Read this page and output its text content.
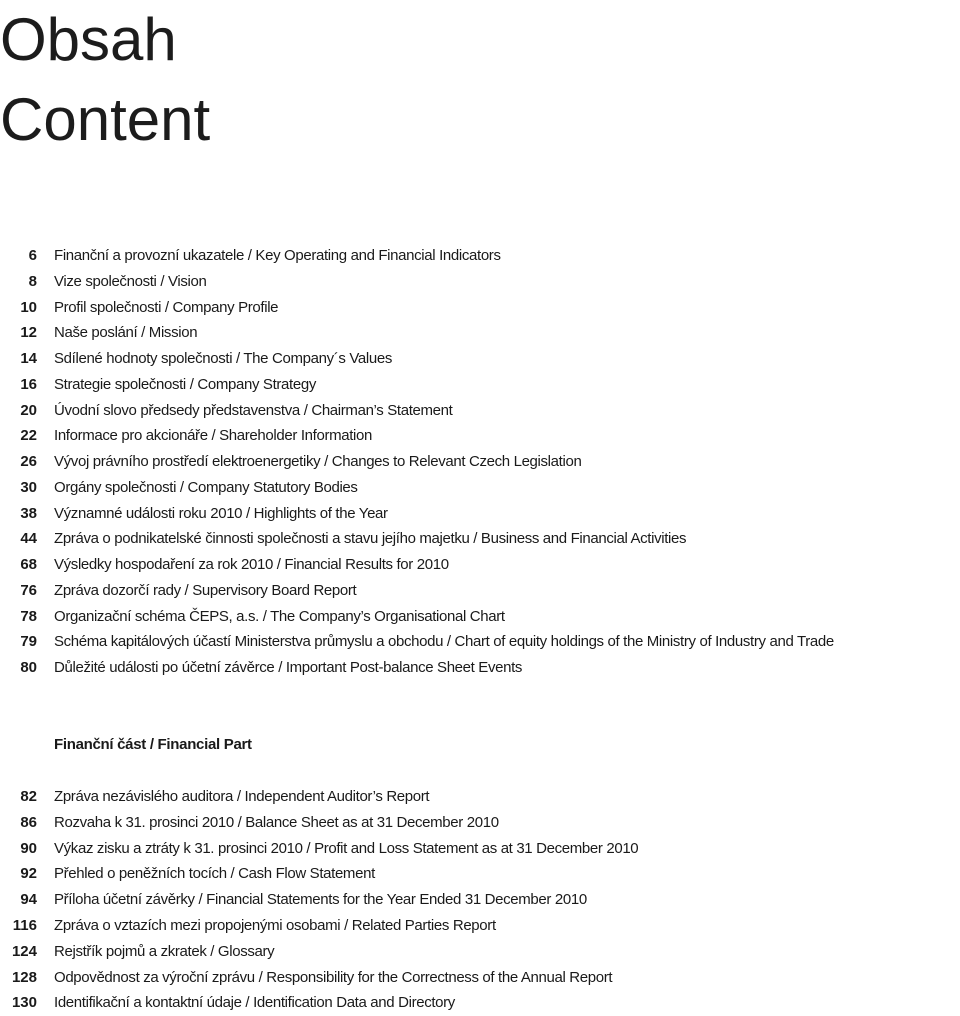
Obsah
Content
6 Finanční a provozní ukazatele / Key Operating and Financial Indicators
8 Vize společnosti / Vision
10 Profil společnosti / Company Profile
12 Naše poslání / Mission
14 Sdílené hodnoty společnosti / The Company´s Values
16 Strategie společnosti / Company Strategy
20 Úvodní slovo předsedy představenstva / Chairman’s Statement
22 Informace pro akcionáře / Shareholder Information
26 Vývoj právního prostředí elektroenergetiky / Changes to Relevant Czech Legislation
30 Orgány společnosti / Company Statutory Bodies
38 Významné události roku 2010 / Highlights of the Year
44 Zpráva o podnikatelské činnosti společnosti a stavu jejího majetku / Business and Financial Activities
68 Výsledky hospodaření za rok 2010 / Financial Results for 2010
76 Zpráva dozorčí rady / Supervisory Board Report
78 Organizační schéma ČEPS, a.s. / The Company’s Organisational Chart
79 Schéma kapitálových účastí Ministerstva průmyslu a obchodu / Chart of equity holdings of the Ministry of Industry and Trade
80 Důležité události po účetní závěrce / Important Post-balance Sheet Events
Finanční část / Financial Part
82 Zpráva nezávislého auditora / Independent Auditor’s Report
86 Rozvaha k 31. prosinci 2010 / Balance Sheet as at 31 December 2010
90 Výkaz zisku a ztráty k 31. prosinci 2010 / Profit and Loss Statement as at 31 December 2010
92 Přehled o peněžních tocích / Cash Flow Statement
94 Příloha účetní závěrky / Financial Statements for the Year Ended 31 December 2010
116 Zpráva o vztazích mezi propojenými osobami / Related Parties Report
124 Rejstřík pojmů a zkratek / Glossary
128 Odpovědnost za výroční zprávu / Responsibility for the Correctness of the Annual Report
130 Identifikační a kontaktní údaje / Identification Data and Directory
